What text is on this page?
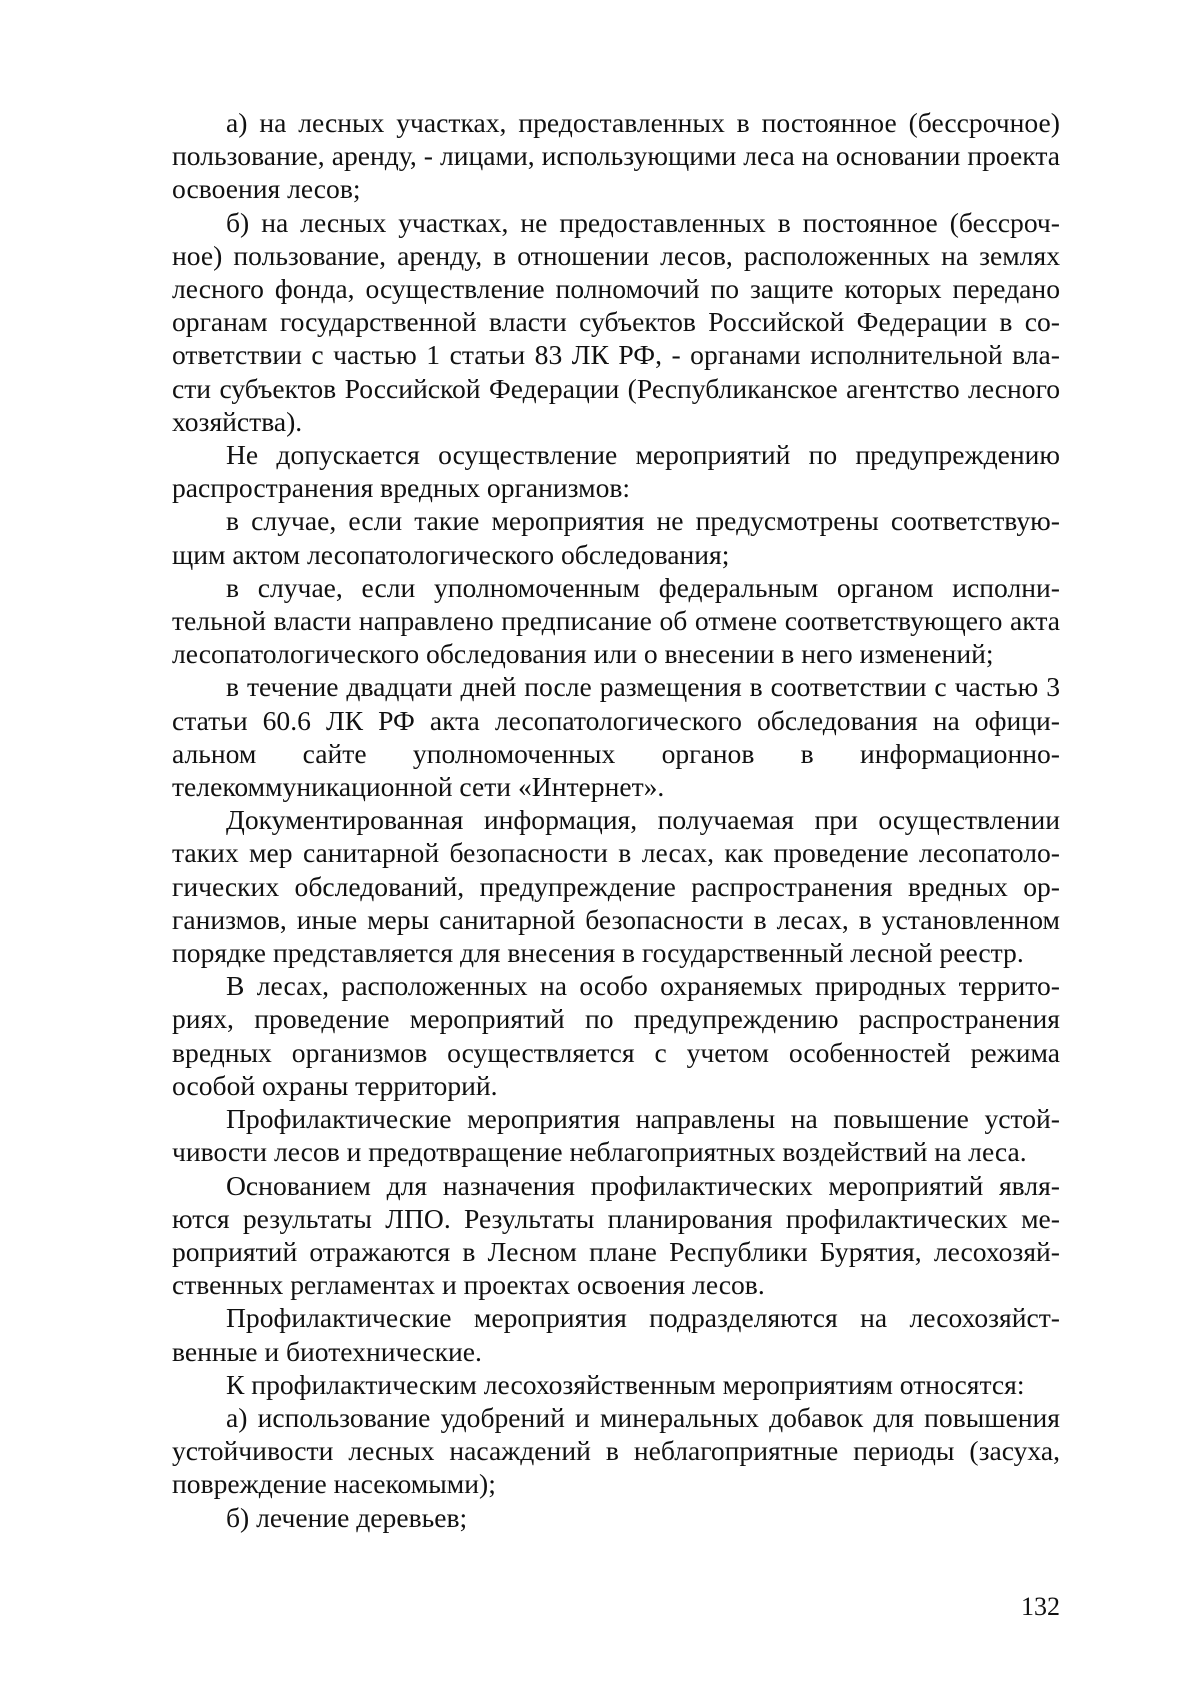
а) на лесных участках, предоставленных в постоянное (бессрочное) пользование, аренду, - лицами, использующими леса на основании проекта освоения лесов;

б) на лесных участках, не предоставленных в постоянное (бессрочное) пользование, аренду, в отношении лесов, расположенных на землях лесного фонда, осуществление полномочий по защите которых передано органам государственной власти субъектов Российской Федерации в соответствии с частью 1 статьи 83 ЛК РФ, - органами исполнительной власти субъектов Российской Федерации (Республиканское агентство лесного хозяйства).

Не допускается осуществление мероприятий по предупреждению распространения вредных организмов:

в случае, если такие мероприятия не предусмотрены соответствующим актом лесопатологического обследования;

в случае, если уполномоченным федеральным органом исполнительной власти направлено предписание об отмене соответствующего акта лесопатологического обследования или о внесении в него изменений;

в течение двадцати дней после размещения в соответствии с частью 3 статьи 60.6 ЛК РФ акта лесопатологического обследования на официальном сайте уполномоченных органов в информационно-телекоммуникационной сети «Интернет».

Документированная информация, получаемая при осуществлении таких мер санитарной безопасности в лесах, как проведение лесопатологических обследований, предупреждение распространения вредных организмов, иные меры санитарной безопасности в лесах, в установленном порядке представляется для внесения в государственный лесной реестр.

В лесах, расположенных на особо охраняемых природных территориях, проведение мероприятий по предупреждению распространения вредных организмов осуществляется с учетом особенностей режима особой охраны территорий.

Профилактические мероприятия направлены на повышение устойчивости лесов и предотвращение неблагоприятных воздействий на леса.

Основанием для назначения профилактических мероприятий являются результаты ЛПО. Результаты планирования профилактических мероприятий отражаются в Лесном плане Республики Бурятия, лесохозяйственных регламентах и проектах освоения лесов.

Профилактические мероприятия подразделяются на лесохозяйственные и биотехнические.

К профилактическим лесохозяйственным мероприятиям относятся:

а) использование удобрений и минеральных добавок для повышения устойчивости лесных насаждений в неблагоприятные периоды (засуха, повреждение насекомыми);

б) лечение деревьев;

132
